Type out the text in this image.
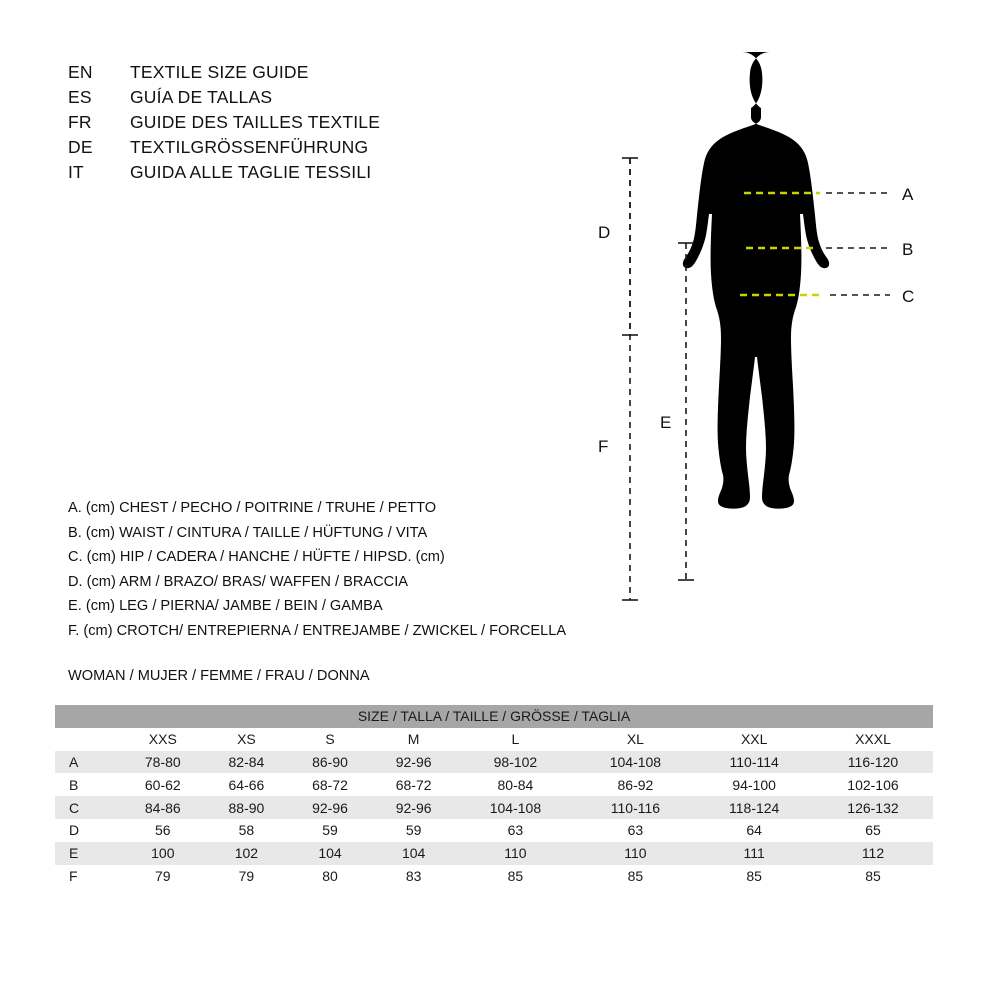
EN	TEXTILE SIZE GUIDE
ES	GUÍA DE TALLAS
FR	GUIDE DES TAILLES TEXTILE
DE	TEXTILGRÖSSENFÜHRUNG
IT	GUIDA ALLE TAGLIE TESSILI
A
B
C
F
D
E
A. (cm) CHEST / PECHO / POITRINE / TRUHE / PETTO
B. (cm) WAIST / CINTURA / TAILLE / HÜFTUNG / VITA
C. (cm) HIP / CADERA / HANCHE / HÜFTE / HIPSD. (cm)
D. (cm) ARM / BRAZO/ BRAS/ WAFFEN / BRACCIA
E. (cm) LEG / PIERNA/ JAMBE / BEIN / GAMBA
F. (cm) CROTCH/ ENTREPIERNA / ENTREJAMBE / ZWICKEL / FORCELLA
WOMAN / MUJER / FEMME / FRAU / DONNA
SIZE / TALLA / TAILLE / GRÖSSE / TAGLIA								
	XXS	XS	S	M	L	XL	XXL	XXXL
A	78-80	82-84	86-90	92-96	98-102	104-108	110-114	116-120
B	60-62	64-66	68-72	68-72	80-84	86-92	94-100	102-106
C	84-86	88-90	92-96	92-96	104-108	110-116	118-124	126-132
D	56	58	59	59	63	63	64	65
E	100	102	104	104	110	110	111	112
F	79	79	80	83	85	85	85	85
